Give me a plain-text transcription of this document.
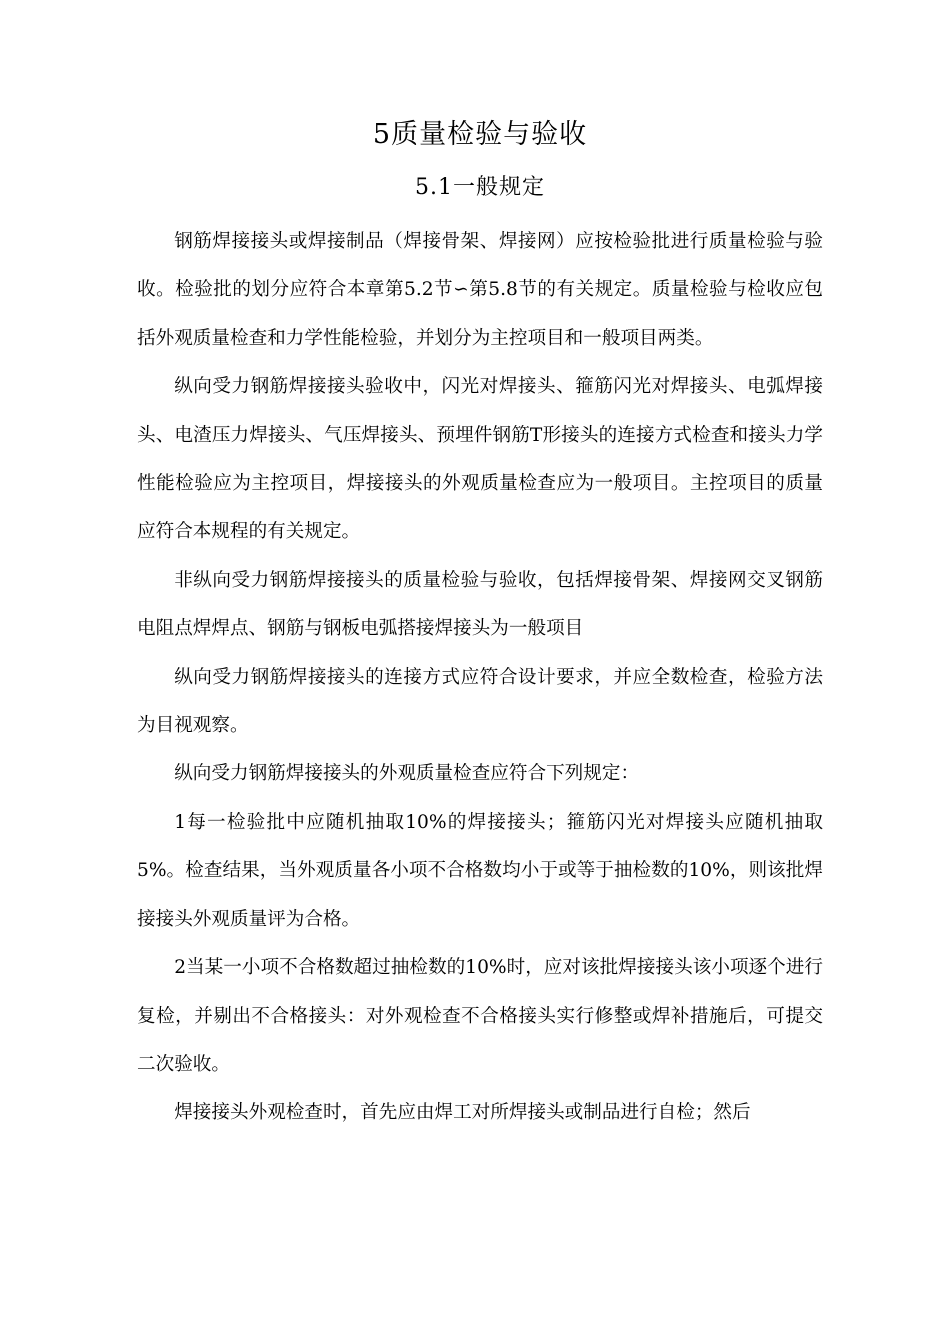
5质量检验与验收
5.1一般规定

钢筋焊接接头或焊接制品（焊接骨架、焊接网）应按检验批进行质量检验与验收。检验批的划分应符合本章第5.2节∽第5.8节的有关规定。质量检验与检收应包括外观质量检查和力学性能检验，并划分为主控项目和一般项目两类。

纵向受力钢筋焊接接头验收中，闪光对焊接头、箍筋闪光对焊接头、电弧焊接头、电渣压力焊接头、气压焊接头、预埋件钢筋T形接头的连接方式检查和接头力学性能检验应为主控项目，焊接接头的外观质量检查应为一般项目。主控项目的质量应符合本规程的有关规定。

非纵向受力钢筋焊接接头的质量检验与验收，包括焊接骨架、焊接网交叉钢筋电阻点焊焊点、钢筋与钢板电弧搭接焊接头为一般项目

纵向受力钢筋焊接接头的连接方式应符合设计要求，并应全数检查，检验方法为目视观察。

纵向受力钢筋焊接接头的外观质量检查应符合下列规定：

1每一检验批中应随机抽取10%的焊接接头；箍筋闪光对焊接头应随机抽取5%。检查结果，当外观质量各小项不合格数均小于或等于抽检数的10%，则该批焊接接头外观质量评为合格。

2当某一小项不合格数超过抽检数的10%时，应对该批焊接接头该小项逐个进行复检，并剔出不合格接头：对外观检查不合格接头实行修整或焊补措施后，可提交二次验收。

焊接接头外观检查时，首先应由焊工对所焊接头或制品进行自检；然后
